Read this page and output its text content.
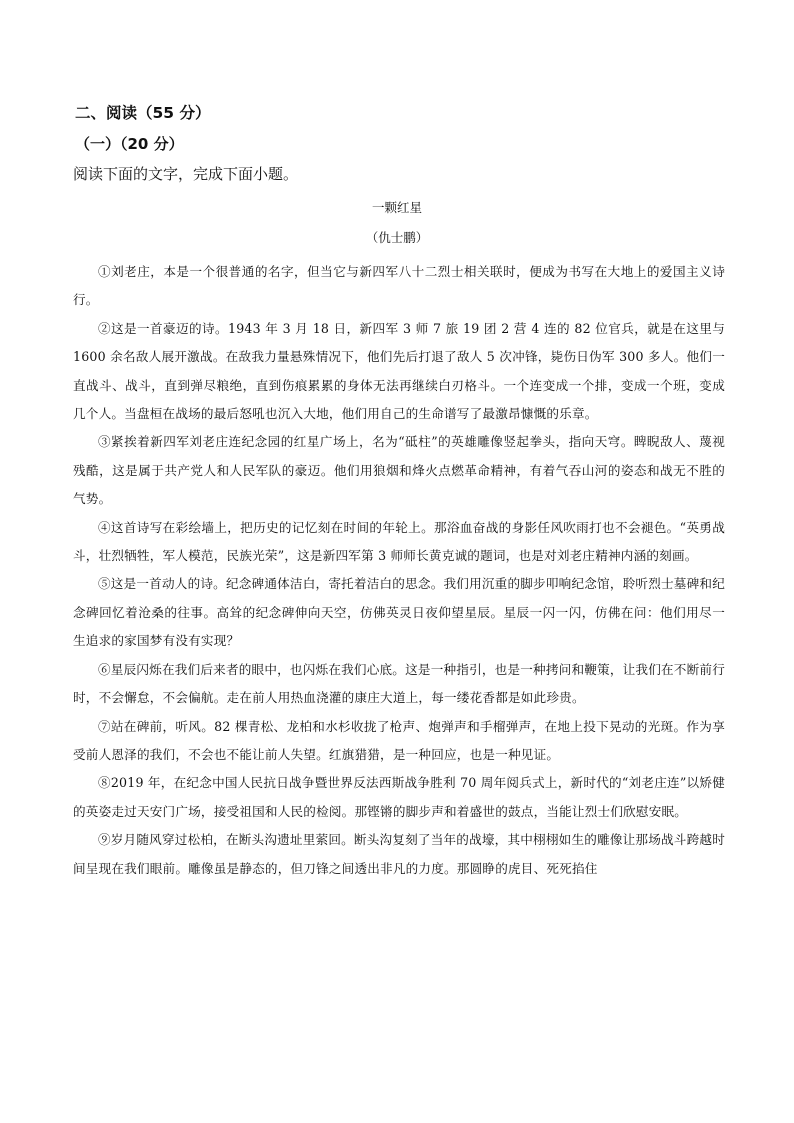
二、阅读（55 分）
（一）（20 分）
阅读下面的文字，完成下面小题。
一颗红星
（仇士鹏）

①刘老庄，本是一个很普通的名字，但当它与新四军八十二烈士相关联时，便成为书写在大地上的爱国主义诗行。

②这是一首豪迈的诗。1943 年 3 月 18 日，新四军 3 师 7 旅 19 团 2 营 4 连的 82 位官兵，就是在这里与 1600 余名敌人展开激战。在敌我力量悬殊情况下，他们先后打退了敌人 5 次冲锋，毙伤日伪军 300 多人。他们一直战斗、战斗，直到弹尽粮绝，直到伤痕累累的身体无法再继续白刃格斗。一个连变成一个排，变成一个班，变成几个人。当盘桓在战场的最后怒吼也沉入大地，他们用自己的生命谱写了最激昂慷慨的乐章。

③紧挨着新四军刘老庄连纪念园的红星广场上，名为“砥柱”的英雄雕像竖起拳头，指向天穹。睥睨敌人、蔑视残酷，这是属于共产党人和人民军队的豪迈。他们用狼烟和烽火点燃革命精神，有着气吞山河的姿态和战无不胜的气势。

④这首诗写在彩绘墙上，把历史的记忆刻在时间的年轮上。那浴血奋战的身影任风吹雨打也不会褪色。“英勇战斗，壮烈牺牲，军人模范，民族光荣”，这是新四军第 3 师师长黄克诚的题词，也是对刘老庄精神内涵的刻画。

⑤这是一首动人的诗。纪念碑通体洁白，寄托着洁白的思念。我们用沉重的脚步叩响纪念馆，聆听烈士墓碑和纪念碑回忆着沧桑的往事。高耸的纪念碑伸向天空，仿佛英灵日夜仰望星辰。星辰一闪一闪，仿佛在问：他们用尽一生追求的家国梦有没有实现？

⑥星辰闪烁在我们后来者的眼中，也闪烁在我们心底。这是一种指引，也是一种拷问和鞭策，让我们在不断前行时，不会懈怠，不会偏航。走在前人用热血浇灌的康庄大道上，每一缕花香都是如此珍贵。

⑦站在碑前，听风。82 棵青松、龙柏和水杉收拢了枪声、炮弹声和手榴弹声，在地上投下晃动的光斑。作为享受前人恩泽的我们，不会也不能让前人失望。红旗猎猎，是一种回应，也是一种见证。

⑧2019 年，在纪念中国人民抗日战争暨世界反法西斯战争胜利 70 周年阅兵式上，新时代的“刘老庄连”以矫健的英姿走过天安门广场，接受祖国和人民的检阅。那铿锵的脚步声和着盛世的鼓点，当能让烈士们欣慰安眠。

⑨岁月随风穿过松柏，在断头沟遗址里萦回。断头沟复刻了当年的战壕，其中栩栩如生的雕像让那场战斗跨越时间呈现在我们眼前。雕像虽是静态的，但刀锋之间透出非凡的力度。那圆睁的虎目、死死掐住
